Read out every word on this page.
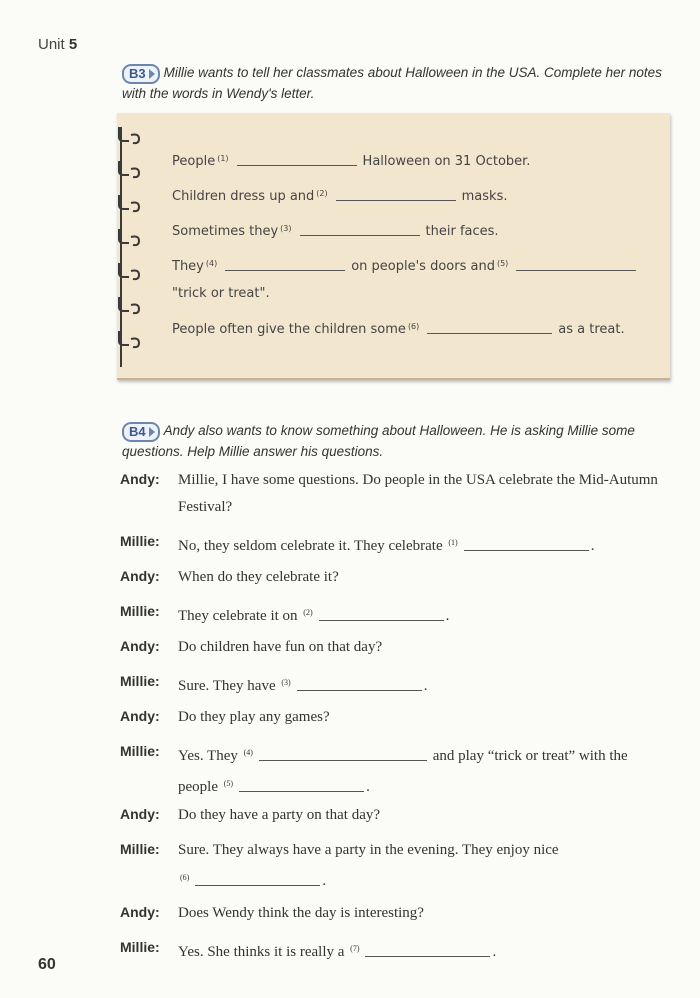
Unit 5
B3 Millie wants to tell her classmates about Halloween in the USA. Complete her notes with the words in Wendy's letter.
People $^{(1)}$	Halloween on 31 October.
Children dress up and $^{(2)}$	masks.
Sometimes they $^{(3)}$	their faces.
They $^{(4)}$	on people's doors and $^{(5)}$
"trick or treat".
People often give the children some $^{(6)}$	as a treat.
B4 Andy also wants to know something about Halloween. He is asking Millie some questions. Help Millie answer his questions.
Andy:	Millie, I have some questions. Do people in the USA celebrate the Mid-Autumn Festival?
Millie:	No, they seldom celebrate it. They celebrate $^{(1)}$	.
Andy:	When do they celebrate it?
Millie:	They celebrate it on $^{(2)}$	.
Andy:	Do children have fun on that day?
Millie:	Sure. They have $^{(3)}$	.
Andy:	Do they play any games?
Millie:	Yes. They $^{(4)}$	and play “trick or treat” with the
people $^{(5)}$	.
Andy:	Do they have a party on that day?
Millie:	Sure. They always have a party in the evening. They enjoy nice
$^{(6)}$	.
Andy:	Does Wendy think the day is interesting?
Millie:	Yes. She thinks it is really a $^{(7)}$	.
60
